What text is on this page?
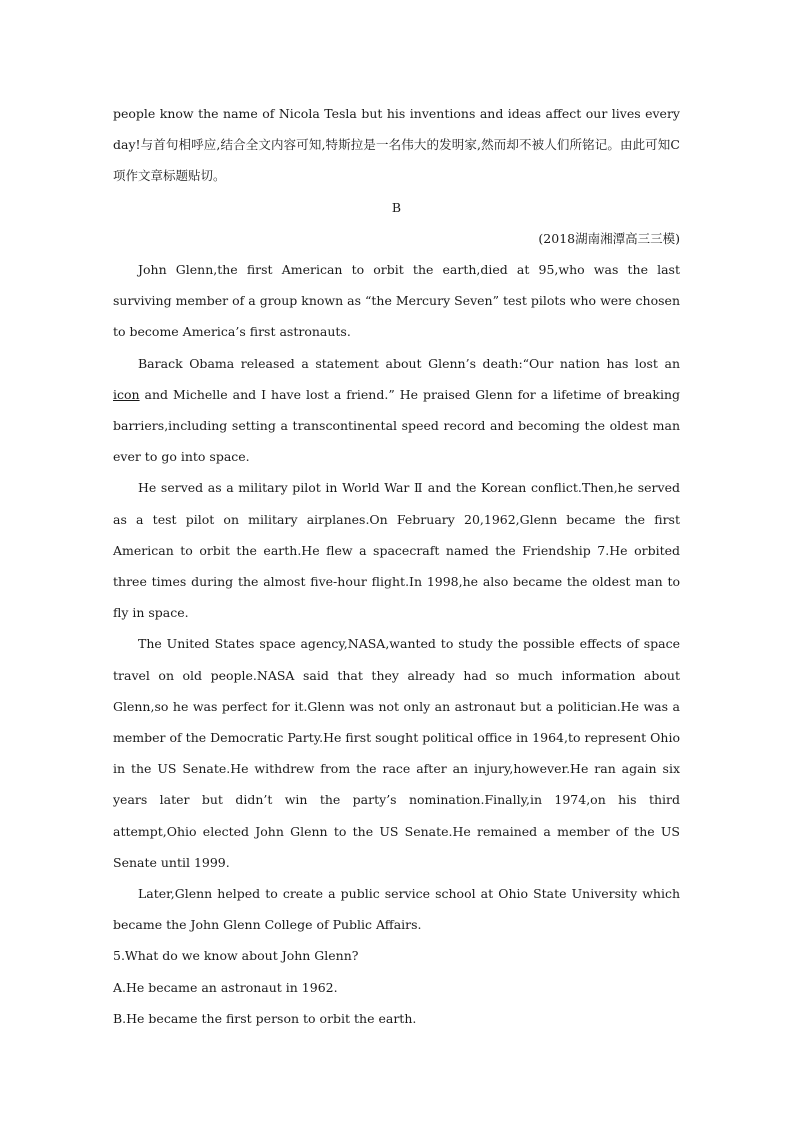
people know the name of Nicola Tesla but his inventions and ideas affect our lives every day!与首句相呼应,结合全文内容可知,特斯拉是一名伟大的发明家,然而却不被人们所铭记。由此可知C项作文章标题贴切。

B

(2018湖南湘潭高三三模)

John Glenn,the first American to orbit the earth,died at 95,who was the last surviving member of a group known as “the Mercury Seven” test pilots who were chosen to become America’s first astronauts.

Barack Obama released a statement about Glenn’s death:“Our nation has lost an icon and Michelle and I have lost a friend.” He praised Glenn for a lifetime of breaking barriers,including setting a transcontinental speed record and becoming the oldest man ever to go into space.

He served as a military pilot in World War Ⅱ and the Korean conflict.Then,he served as a test pilot on military airplanes.On February 20,1962,Glenn became the first American to orbit the earth.He flew a spacecraft named the Friendship 7.He orbited three times during the almost five-hour flight.In 1998,he also became the oldest man to fly in space.

The United States space agency,NASA,wanted to study the possible effects of space travel on old people.NASA said that they already had so much information about Glenn,so he was perfect for it.Glenn was not only an astronaut but a politician.He was a member of the Democratic Party.He first sought political office in 1964,to represent Ohio in the US Senate.He withdrew from the race after an injury,however.He ran again six years later but didn’t win the party’s nomination.Finally,in 1974,on his third attempt,Ohio elected John Glenn to the US Senate.He remained a member of the US Senate until 1999.

Later,Glenn helped to create a public service school at Ohio State University which became the John Glenn College of Public Affairs.

5.What do we know about John Glenn?

A.He became an astronaut in 1962.

B.He became the first person to orbit the earth.
